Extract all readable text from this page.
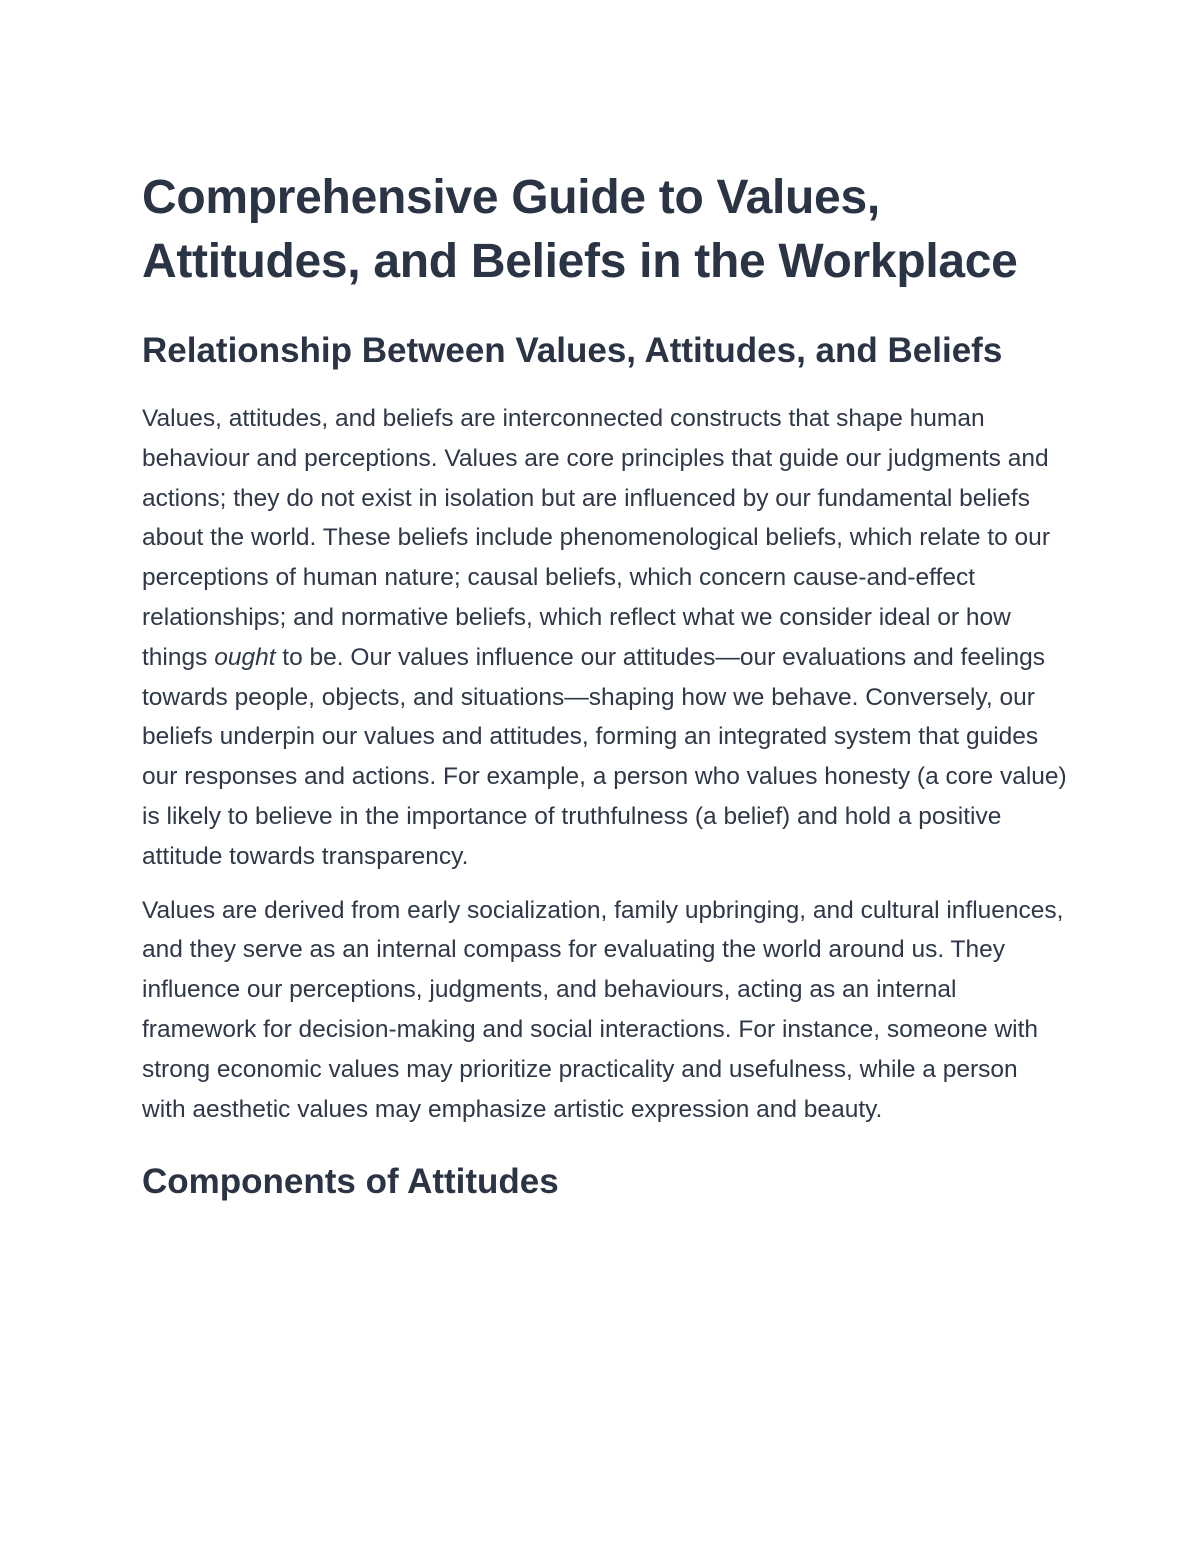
Comprehensive Guide to Values, Attitudes, and Beliefs in the Workplace
Relationship Between Values, Attitudes, and Beliefs

Values, attitudes, and beliefs are interconnected constructs that shape human behaviour and perceptions. Values are core principles that guide our judgments and actions; they do not exist in isolation but are influenced by our fundamental beliefs about the world. These beliefs include phenomenological beliefs, which relate to our perceptions of human nature; causal beliefs, which concern cause-and-effect relationships; and normative beliefs, which reflect what we consider ideal or how things ought to be. Our values influence our attitudes—our evaluations and feelings towards people, objects, and situations—shaping how we behave. Conversely, our beliefs underpin our values and attitudes, forming an integrated system that guides our responses and actions. For example, a person who values honesty (a core value) is likely to believe in the importance of truthfulness (a belief) and hold a positive attitude towards transparency.

Values are derived from early socialization, family upbringing, and cultural influences, and they serve as an internal compass for evaluating the world around us. They influence our perceptions, judgments, and behaviours, acting as an internal framework for decision-making and social interactions. For instance, someone with strong economic values may prioritize practicality and usefulness, while a person with aesthetic values may emphasize artistic expression and beauty.

Components of Attitudes
